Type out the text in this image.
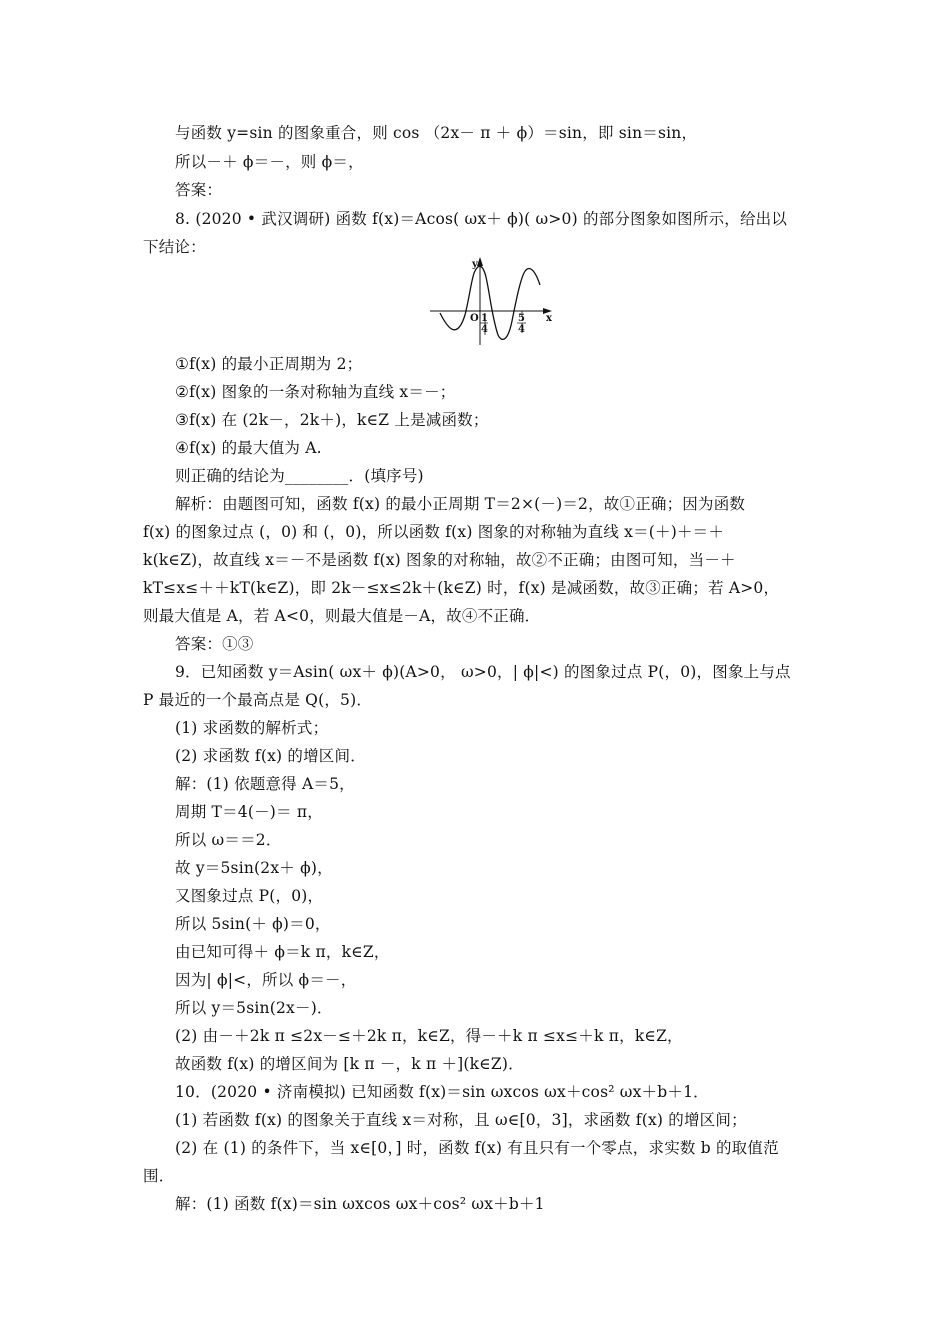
与函数 y=sin 的图象重合，则 cos （2x－ π ＋ ϕ）＝sin，即 sin＝sin，
所以－＋ ϕ＝－，则 ϕ＝，
答案：
8. (2020 • 武汉调研) 函数 f(x)＝Acos( ωx＋ ϕ)( ω>0) 的部分图象如图所示，给出以
下结论：
y
x
O 1
4
5
4
①f(x) 的最小正周期为 2；
②f(x) 图象的一条对称轴为直线 x＝－；
③f(x) 在 (2k－，2k＋)，k∈Z 上是减函数；
④f(x) 的最大值为 A.
则正确的结论为________．(填序号)
解析：由题图可知，函数 f(x) 的最小正周期 T＝2×(－)＝2，故①正确；因为函数
f(x) 的图象过点 (，0) 和 (，0)，所以函数 f(x) 图象的对称轴为直线 x＝(＋)＋＝＋
k(k∈Z)，故直线 x＝－不是函数 f(x) 图象的对称轴，故②不正确；由图可知，当－＋
kT≤x≤＋＋kT(k∈Z)，即 2k－≤x≤2k＋(k∈Z) 时，f(x) 是减函数，故③正确；若 A>0，
则最大值是 A，若 A<0，则最大值是－A，故④不正确．
答案：①③
9．已知函数 y＝Asin( ωx＋ ϕ)(A>0， ω>0，| ϕ|<) 的图象过点 P(，0)，图象上与点
P 最近的一个最高点是 Q(，5)．
(1) 求函数的解析式；
(2) 求函数 f(x) 的增区间．
解：(1) 依题意得 A＝5，
周期 T＝4(－)＝ π，
所以 ω＝＝2．
故 y＝5sin(2x＋ ϕ)，
又图象过点 P(，0)，
所以 5sin(＋ ϕ)＝0，
由已知可得＋ ϕ＝k π，k∈Z，
因为| ϕ|<，所以 ϕ＝－，
所以 y＝5sin(2x－)．
(2) 由－＋2k π ≤2x－≤＋2k π，k∈Z，得－＋k π ≤x≤＋k π，k∈Z，
故函数 f(x) 的增区间为 [k π －，k π ＋](k∈Z)．
10．(2020 • 济南模拟) 已知函数 f(x)＝sin ωxcos ωx＋cos² ωx＋b＋1．
(1) 若函数 f(x) 的图象关于直线 x＝对称，且 ω∈[0，3]，求函数 f(x) 的增区间；
(2) 在 (1) 的条件下，当 x∈[0，] 时，函数 f(x) 有且只有一个零点，求实数 b 的取值范
围．
解：(1) 函数 f(x)＝sin ωxcos ωx＋cos² ωx＋b＋1
